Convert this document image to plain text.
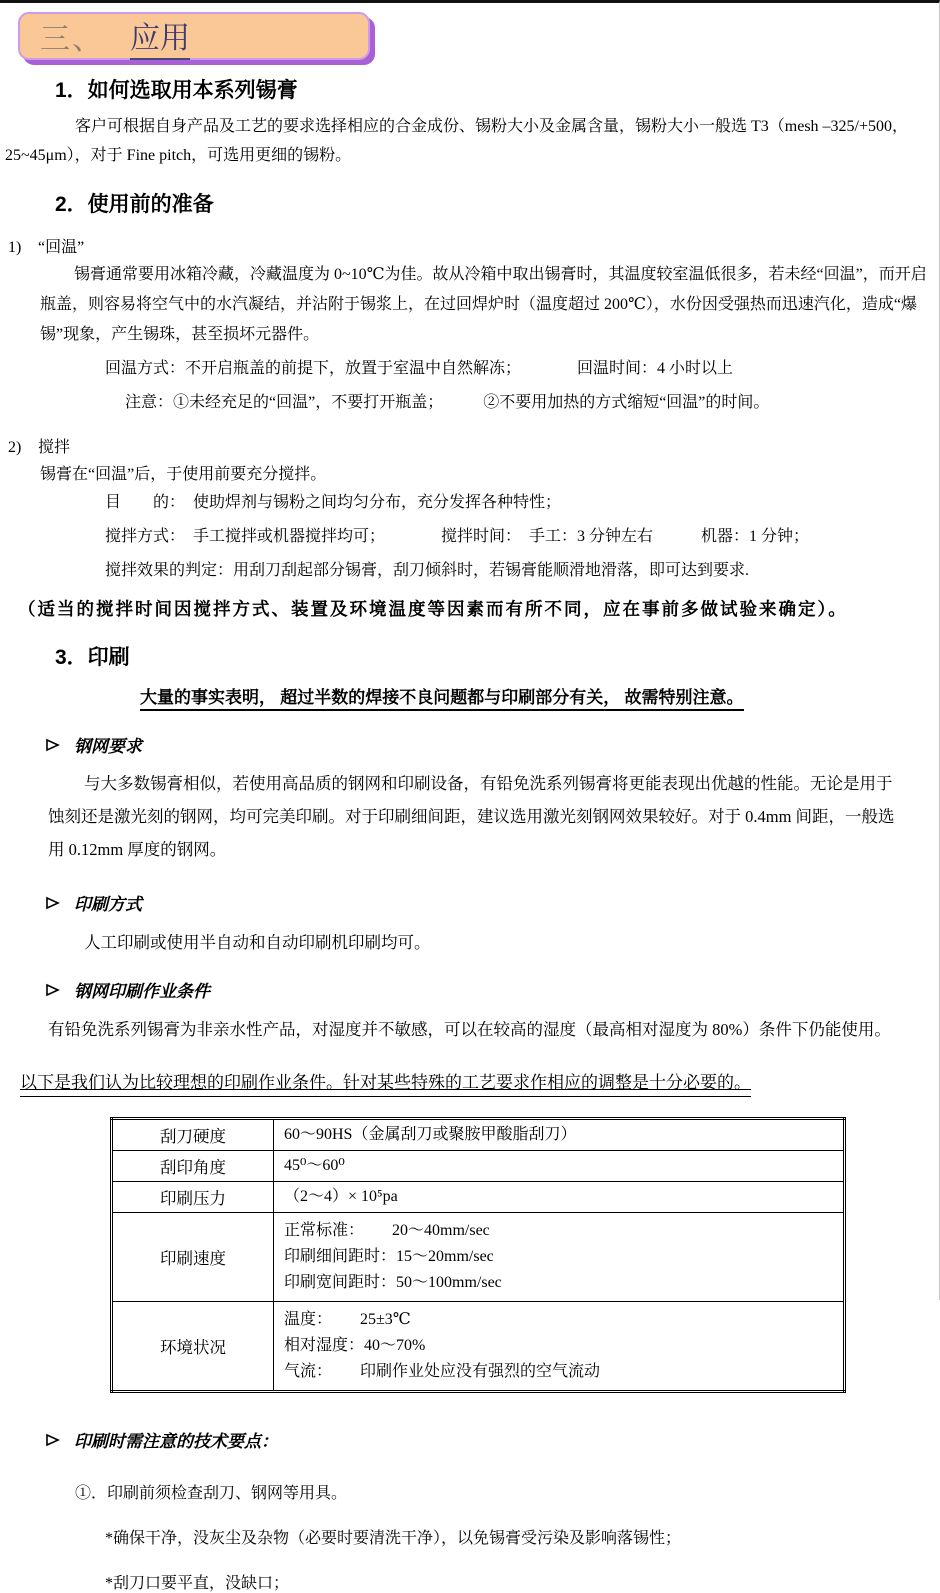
三、 应用
1．如何选取用本系列锡膏
客户可根据自身产品及工艺的要求选择相应的合金成份、锡粉大小及金属含量，锡粉大小一般选 T3（mesh –325/+500，25~45μm），对于 Fine pitch，可选用更细的锡粉。
2．使用前的准备
1) “回温”
锡膏通常要用冰箱冷藏，冷藏温度为 0~10℃为佳。故从冷箱中取出锡膏时，其温度较室温低很多，若未经“回温”，而开启瓶盖，则容易将空气中的水汽凝结，并沾附于锡浆上，在过回焊炉时（温度超过 200℃），水份因受强热而迅速汽化，造成“爆锡”现象，产生锡珠，甚至损坏元器件。
回温方式：不开启瓶盖的前提下，放置于室温中自然解冻；　　　　回温时间：4 小时以上
注意：①未经充足的“回温”，不要打开瓶盖；　　　②不要用加热的方式缩短“回温”的时间。
2) 搅拌
锡膏在“回温”后，于使用前要充分搅拌。
目　　的：　使助焊剂与锡粉之间均匀分布，充分发挥各种特性；
搅拌方式：　手工搅拌或机器搅拌均可；　　　　搅拌时间：　手工：3 分钟左右　　　机器：1 分钟；
搅拌效果的判定：用刮刀刮起部分锡膏，刮刀倾斜时，若锡膏能顺滑地滑落，即可达到要求.
（适当的搅拌时间因搅拌方式、装置及环境温度等因素而有所不同，应在事前多做试验来确定）。
3．印刷
大量的事实表明， 超过半数的焊接不良问题都与印刷部分有关， 故需特别注意。
钢网要求
与大多数锡膏相似，若使用高品质的钢网和印刷设备，有铅免洗系列锡膏将更能表现出优越的性能。无论是用于蚀刻还是激光刻的钢网，均可完美印刷。对于印刷细间距，建议选用激光刻钢网效果较好。对于 0.4mm 间距，一般选用 0.12mm 厚度的钢网。
印刷方式
人工印刷或使用半自动和自动印刷机印刷均可。
钢网印刷作业条件
有铅免洗系列锡膏为非亲水性产品，对湿度并不敏感，可以在较高的湿度（最高相对湿度为 80%）条件下仍能使用。
以下是我们认为比较理想的印刷作业条件。针对某些特殊的工艺要求作相应的调整是十分必要的。
刮刀硬度	60～90HS（金属刮刀或聚胺甲酸脂刮刀）

刮印角度	45⁰～60⁰

印刷压力	（2～4）× 10⁵pa

印刷速度	正常标准：　　 20～40mm/sec
印刷细间距时：15～20mm/sec
印刷宽间距时：50～100mm/sec

环境状况	温度：　　 25±3℃
相对湿度：40～70%
气流：　　 印刷作业处应没有强烈的空气流动
印刷时需注意的技术要点：
①．印刷前须检查刮刀、钢网等用具。
*确保干净，没灰尘及杂物（必要时要清洗干净），以免锡膏受污染及影响落锡性；
*刮刀口要平直，没缺口；
